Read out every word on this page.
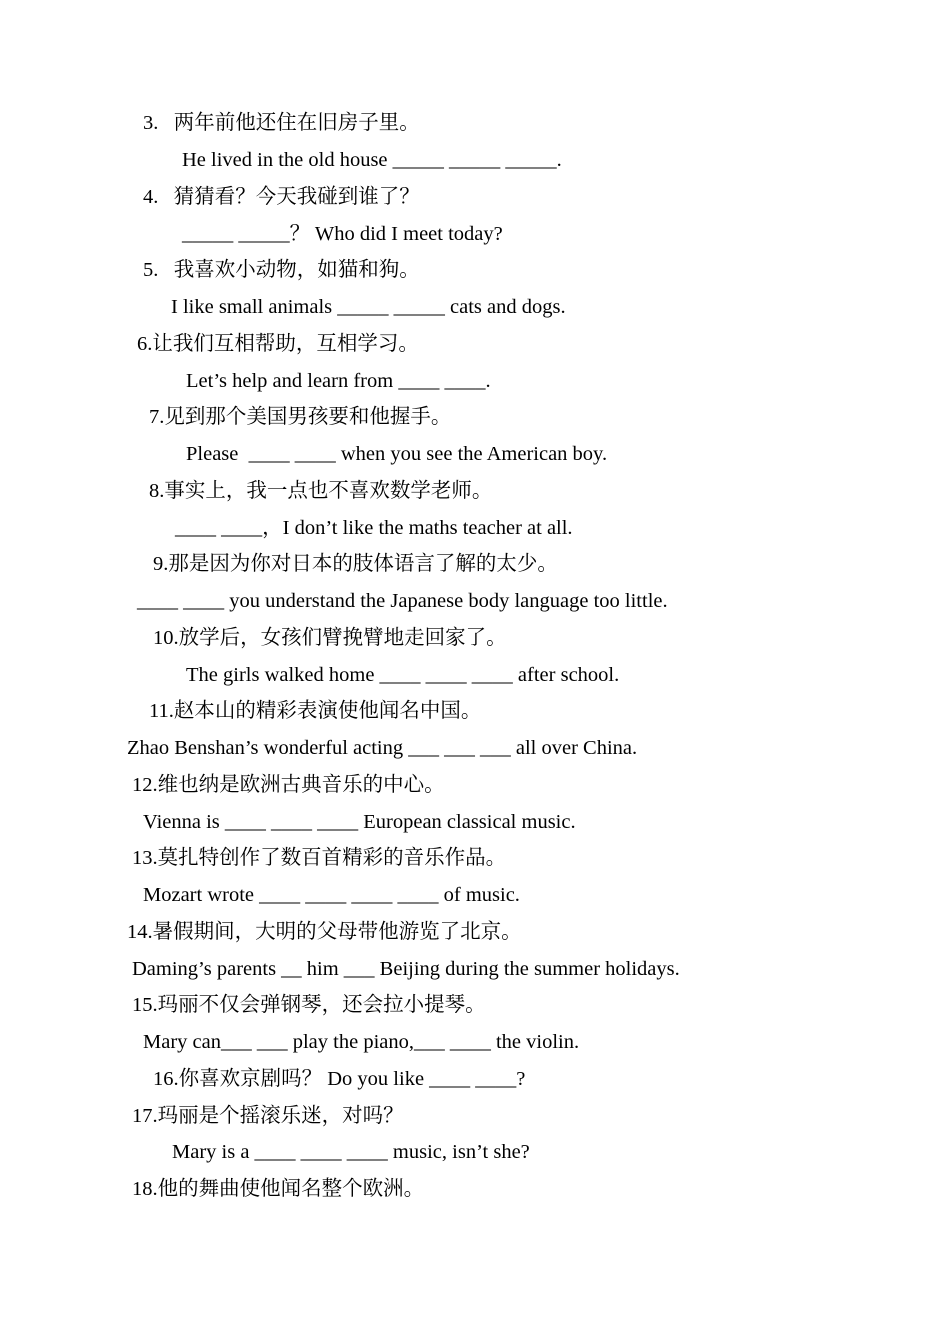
3.   两年前他还住在旧房子里。
He lived in the old house _____ _____ _____.
4.   猜猜看？今天我碰到谁了？
_____ _____？ Who did I meet today?
5.   我喜欢小动物，如猫和狗。
I like small animals _____ _____ cats and dogs.
6.让我们互相帮助，互相学习。
Let’s help and learn from ____ ____.
7.见到那个美国男孩要和他握手。
Please  ____ ____ when you see the American boy.
8.事实上，我一点也不喜欢数学老师。
____ ____，I don’t like the maths teacher at all.
9.那是因为你对日本的肢体语言了解的太少。
____ ____ you understand the Japanese body language too little.
10.放学后，女孩们臂挽臂地走回家了。
The girls walked home ____ ____ ____ after school.
11.赵本山的精彩表演使他闻名中国。
Zhao Benshan’s wonderful acting ___ ___ ___ all over China.
12.维也纳是欧洲古典音乐的中心。
Vienna is ____ ____ ____ European classical music.
13.莫扎特创作了数百首精彩的音乐作品。
Mozart wrote ____ ____ ____ ____ of music.
14.暑假期间，大明的父母带他游览了北京。
Daming’s parents __ him ___ Beijing during the summer holidays.
15.玛丽不仅会弹钢琴，还会拉小提琴。
Mary can___ ___ play the piano,___ ____ the violin.
16.你喜欢京剧吗？ Do you like ____ ____?
17.玛丽是个摇滚乐迷，对吗？
Mary is a ____ ____ ____ music, isn’t she?
18.他的舞曲使他闻名整个欧洲。
